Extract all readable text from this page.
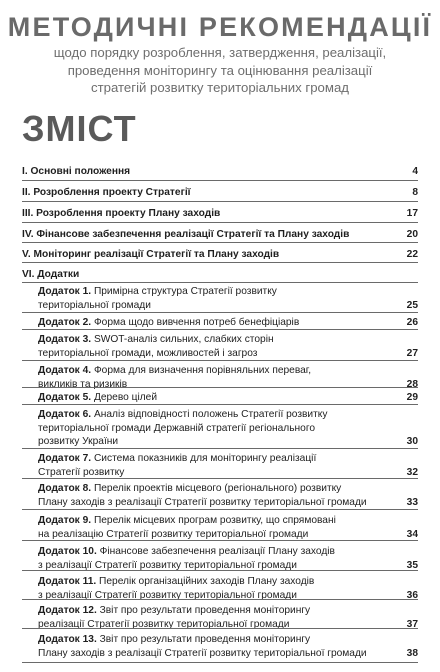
МЕТОДИЧНІ РЕКОМЕНДАЦІЇ
щодо порядку розроблення, затвердження, реалізації,
проведення моніторингу та оцінювання реалізації
стратегій розвитку територіальних громад
ЗМІСТ
I. Основні положення	4
II. Розроблення проекту Стратегії	8
III. Розроблення проекту Плану заходів	17
IV. Фінансове забезпечення реалізації Стратегії та Плану заходів	20
V. Моніторинг реалізації Стратегії та Плану заходів	22
VI. Додатки
Додаток 1. Примірна структура Стратегії розвитку
територіальної громади	25
Додаток 2. Форма щодо вивчення потреб бенефіціарів	26
Додаток 3. SWOT-аналіз сильних, слабких сторін
територіальної громади, можливостей і загроз	27
Додаток 4. Форма для визначення порівняльних переваг,
викликів та ризиків	28
Додаток 5. Дерево цілей	29
Додаток 6. Аналіз відповідності положень Стратегії розвитку
територіальної громади Державній стратегії регіонального
розвитку України	30
Додаток 7. Система показників для моніторингу реалізації
Стратегії розвитку	32
Додаток 8. Перелік проектів місцевого (регіонального) розвитку
Плану заходів з реалізації Стратегії розвитку територіальної громади	33
Додаток 9. Перелік місцевих програм розвитку, що спрямовані
на реалізацію Стратегії розвитку територіальної громади	34
Додаток 10. Фінансове забезпечення реалізації Плану заходів
з реалізації Стратегії розвитку територіальної громади	35
Додаток 11. Перелік організаційних заходів Плану заходів
з реалізації Стратегії розвитку територіальної громади	36
Додаток 12. Звіт про результати проведення моніторингу
реалізації Стратегії розвитку територіальної громади	37
Додаток 13. Звіт про результати проведення моніторингу
Плану заходів з реалізації Стратегії розвитку територіальної громади	38
